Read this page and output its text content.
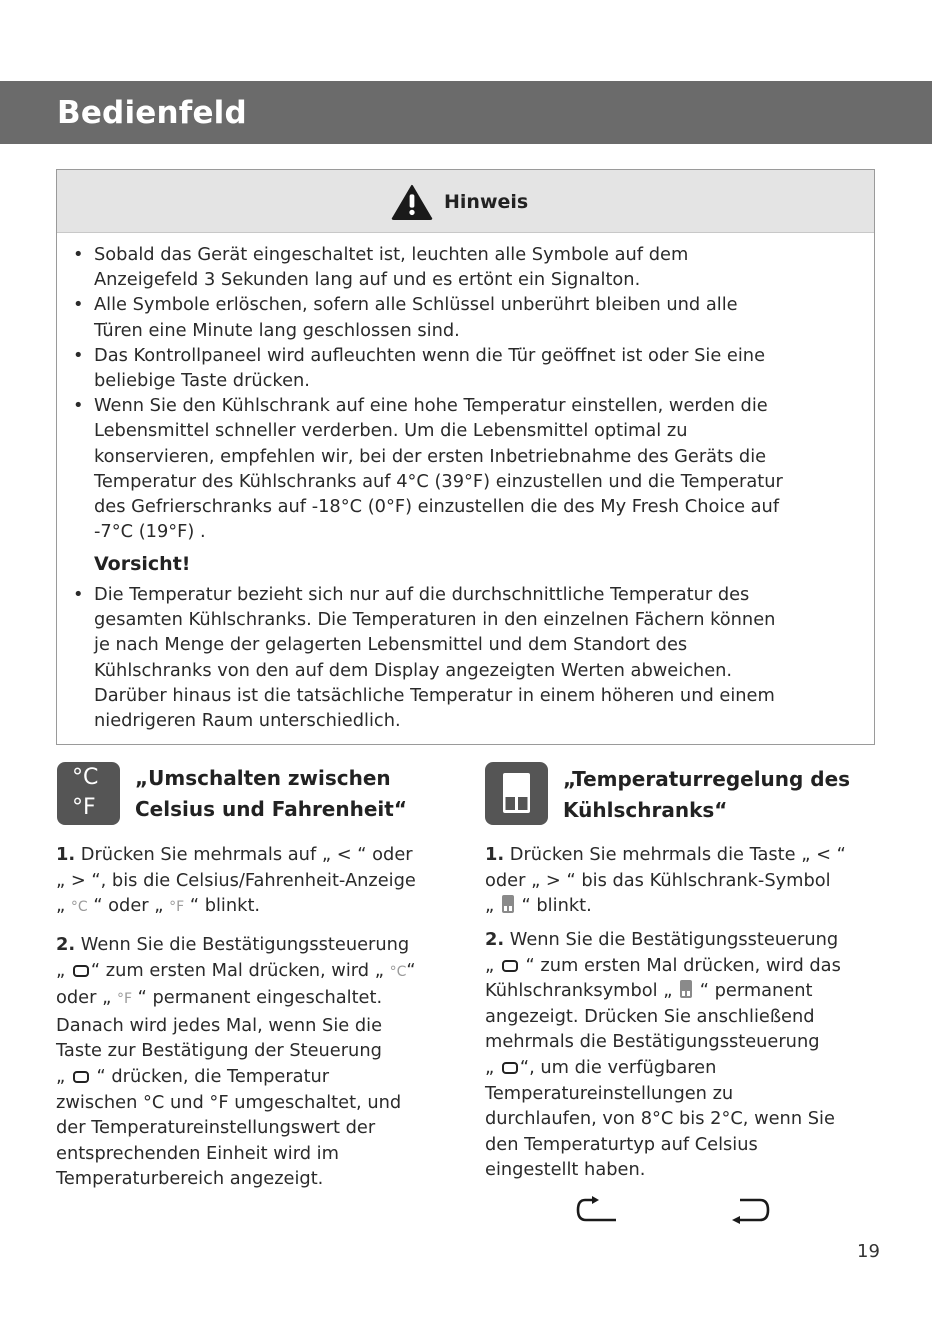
Bedienfeld
Hinweis
• Sobald das Gerät eingeschaltet ist, leuchten alle Symbole auf dem
Anzeigefeld 3 Sekunden lang auf und es ertönt ein Signalton.
• Alle Symbole erlöschen, sofern alle Schlüssel unberührt bleiben und alle
Türen eine Minute lang geschlossen sind.
• Das Kontrollpaneel wird aufleuchten wenn die Tür geöffnet ist oder Sie eine
beliebige Taste drücken.
• Wenn Sie den Kühlschrank auf eine hohe Temperatur einstellen, werden die
Lebensmittel schneller verderben. Um die Lebensmittel optimal zu
konservieren, empfehlen wir, bei der ersten Inbetriebnahme des Geräts die
Temperatur des Kühlschranks auf 4°C (39°F) einzustellen und die Temperatur
des Gefrierschranks auf -18°C (0°F) einzustellen die des My Fresh Choice auf
-7°C (19°F) .
Vorsicht!
• Die Temperatur bezieht sich nur auf die durchschnittliche Temperatur des
gesamten Kühlschranks. Die Temperaturen in den einzelnen Fächern können
je nach Menge der gelagerten Lebensmittel und dem Standort des
Kühlschranks von den auf dem Display angezeigten Werten abweichen.
Darüber hinaus ist die tatsächliche Temperatur in einem höheren und einem
niedrigeren Raum unterschiedlich.
°C
°F
„Umschalten zwischen
Celsius und Fahrenheit“
1. Drücken Sie mehrmals auf „ < “ oder
„ > “, bis die Celsius/Fahrenheit-Anzeige
„ °C “ oder „ °F “ blinkt.
2. Wenn Sie die Bestätigungssteuerung
„ “ zum ersten Mal drücken, wird „ °C“
oder „ °F “ permanent eingeschaltet.
Danach wird jedes Mal, wenn Sie die
Taste zur Bestätigung der Steuerung
„ “ drücken, die Temperatur
zwischen °C und °F umgeschaltet, und
der Temperatureinstellungswert der
entsprechenden Einheit wird im
Temperaturbereich angezeigt.
„Temperaturregelung des
Kühlschranks“
1. Drücken Sie mehrmals die Taste „ < “
oder „ > “ bis das Kühlschrank-Symbol
„ “ blinkt.
2. Wenn Sie die Bestätigungssteuerung
„ “ zum ersten Mal drücken, wird das
Kühlschranksymbol „ “ permanent
angezeigt. Drücken Sie anschließend
mehrmals die Bestätigungssteuerung
„ “, um die verfügbaren
Temperatureinstellungen zu
durchlaufen, von 8°C bis 2°C, wenn Sie
den Temperaturtyp auf Celsius
eingestellt haben.
19
